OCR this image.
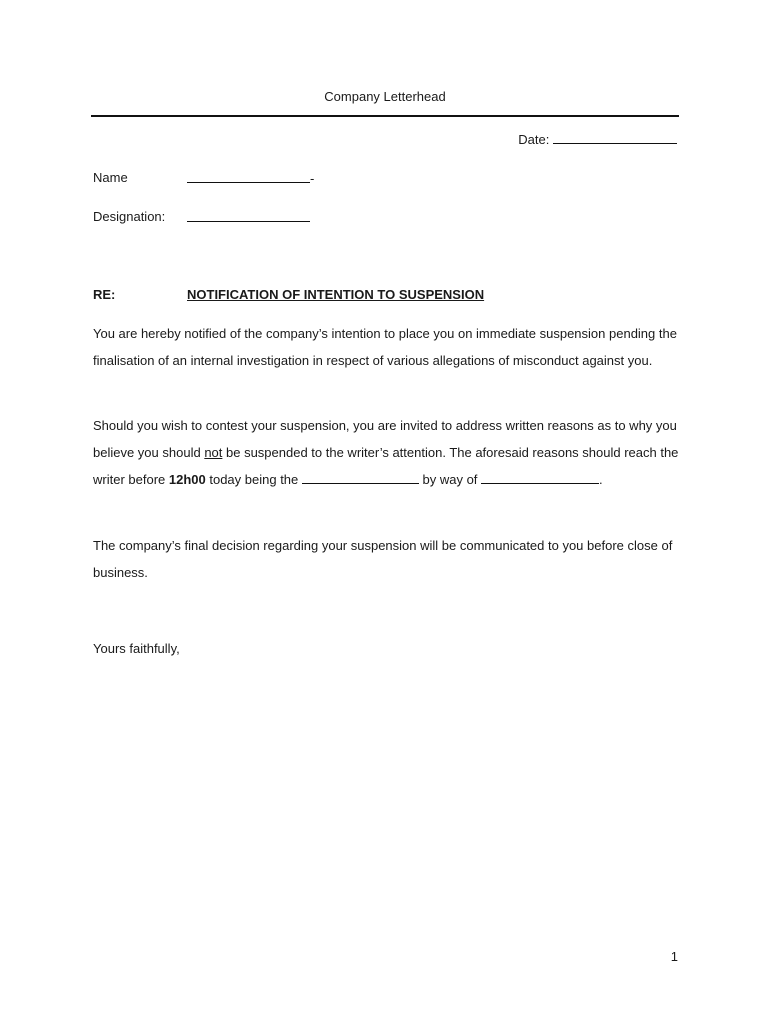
Company Letterhead
Date:
Name	-
Designation:
RE:	NOTIFICATION OF INTENTION TO SUSPENSION
You are hereby notified of the company’s intention to place you on immediate suspension pending the finalisation of an internal investigation in respect of various allegations of misconduct against you.
Should you wish to contest your suspension, you are invited to address written reasons as to why you believe you should not be suspended to the writer’s attention. The aforesaid reasons should reach the writer before 12h00 today being the	by way of	.
The company’s final decision regarding your suspension will be communicated to you before close of business.
Yours faithfully,
1
